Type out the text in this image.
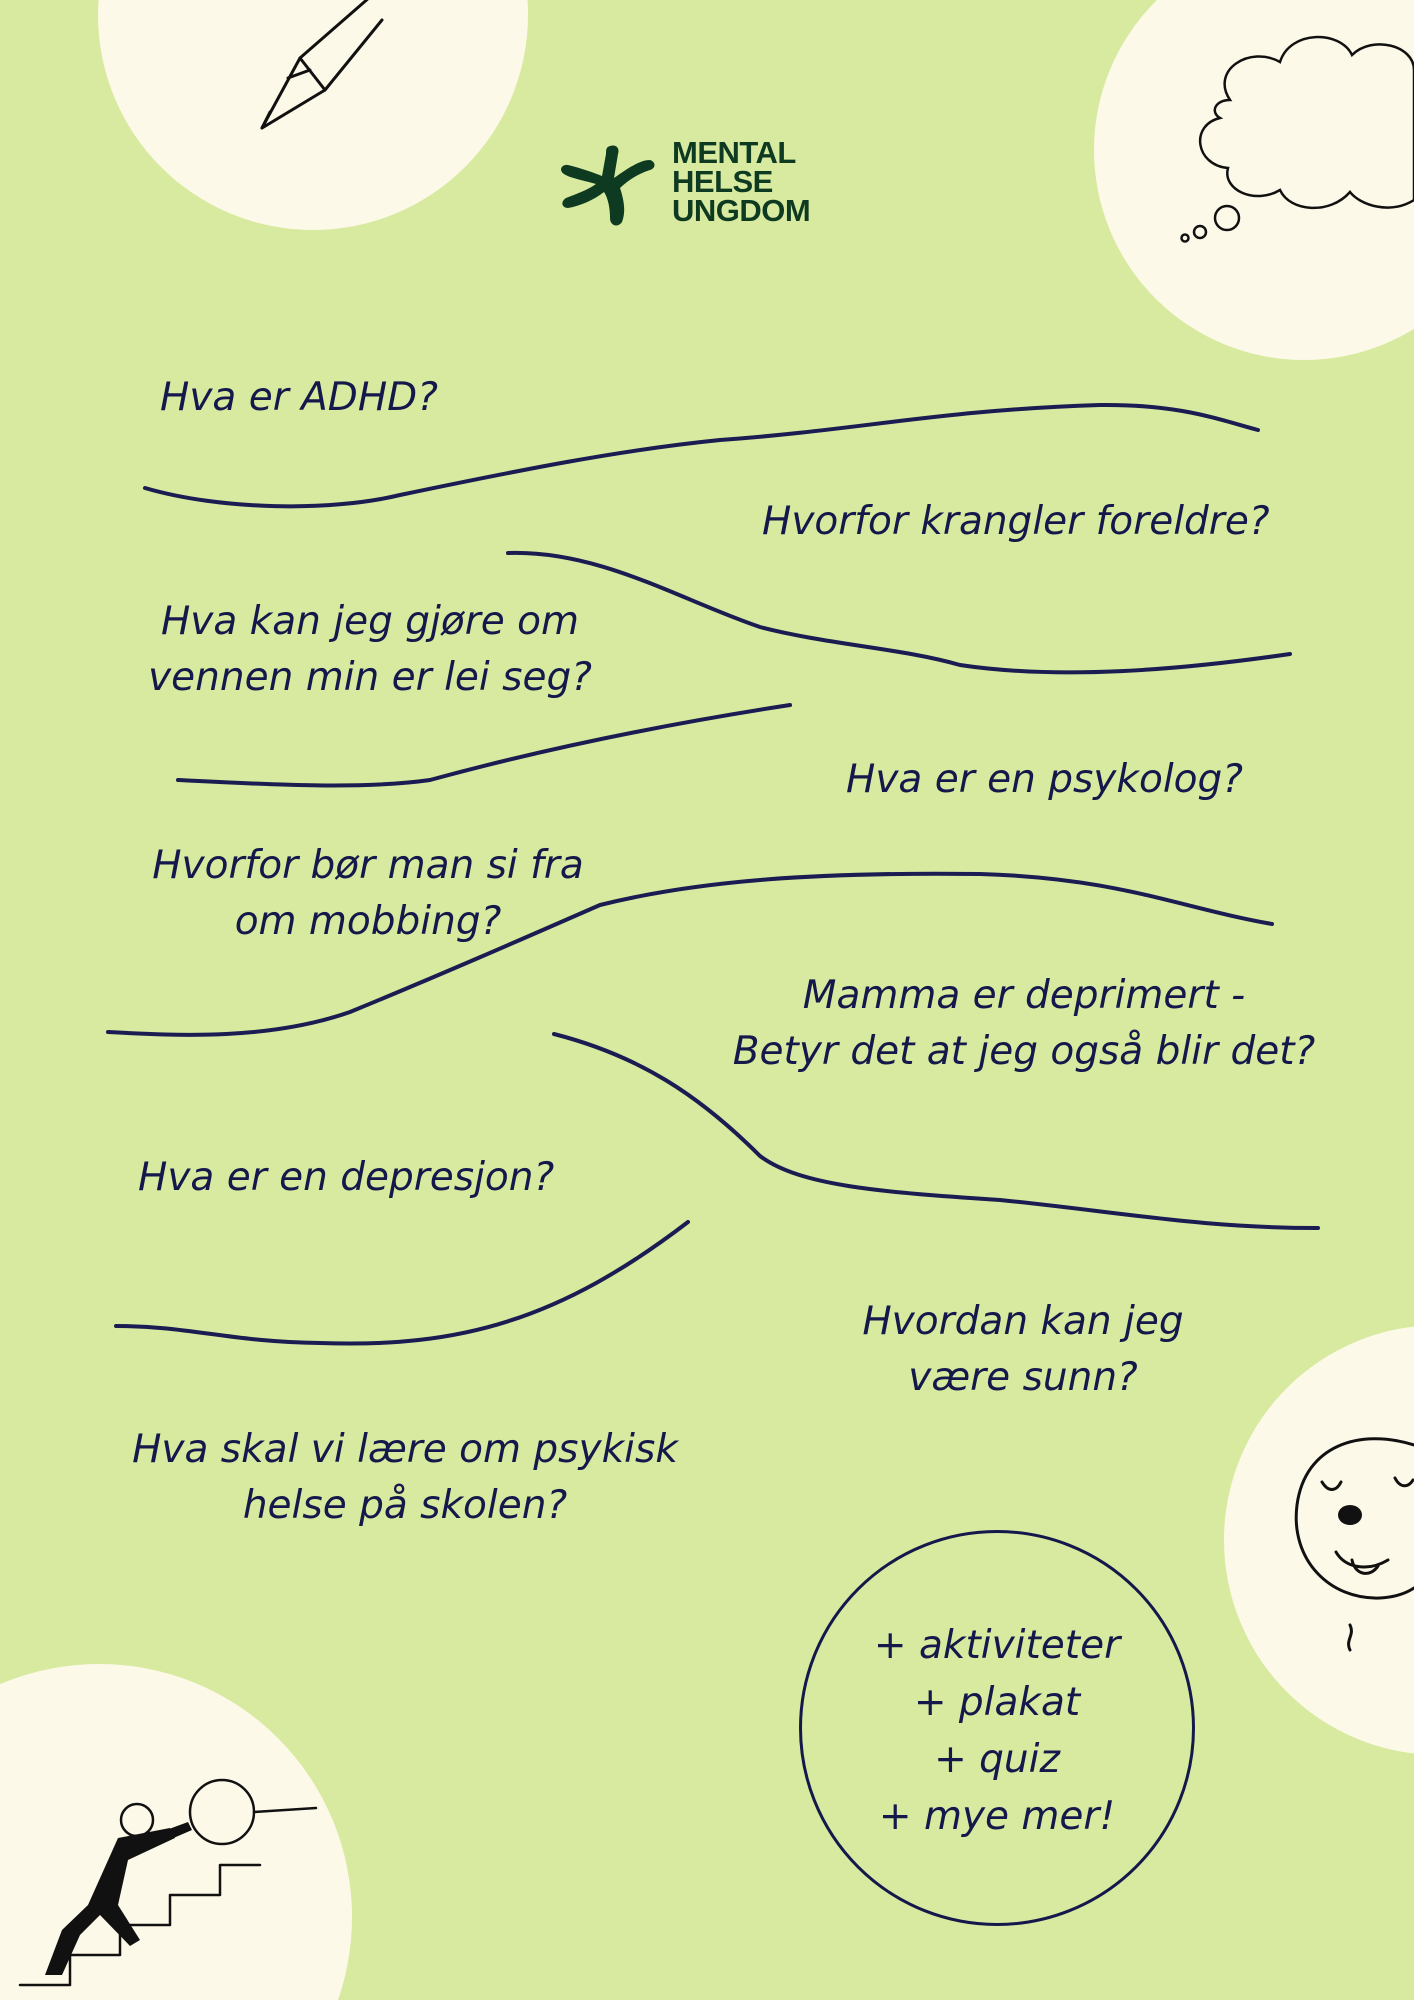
MENTAL
HELSE
UNGDOM
Hva er ADHD?
Hvorfor krangler foreldre?
Hva kan jeg gjøre om
vennen min er lei seg?
Hva er en psykolog?
Hvorfor bør man si fra
om mobbing?
Mamma er deprimert -
Betyr det at jeg også blir det?
Hva er en depresjon?
Hvordan kan jeg
være sunn?
Hva skal vi lære om psykisk
helse på skolen?
+ aktiviteter
+ plakat
+ quiz
+ mye mer!
